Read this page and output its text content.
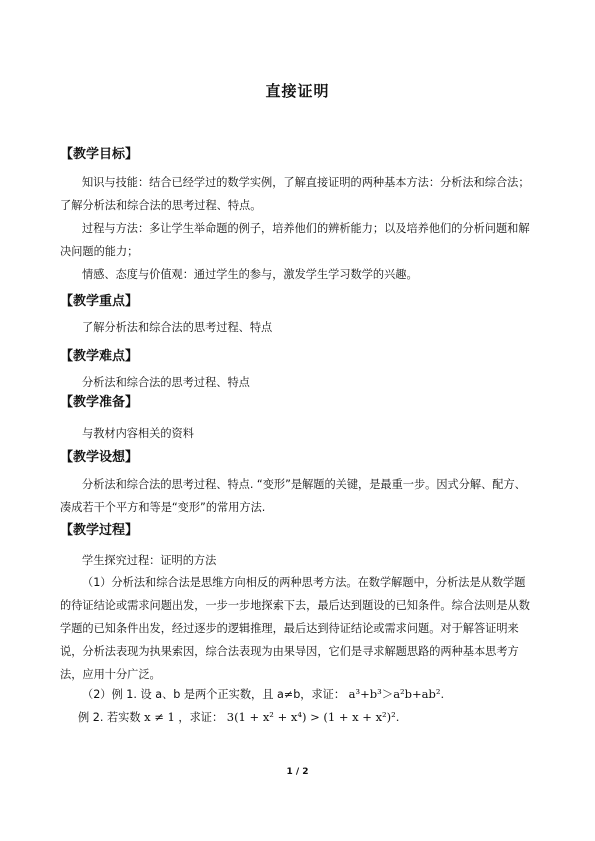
直接证明
【教学目标】

知识与技能：结合已经学过的数学实例，了解直接证明的两种基本方法：分析法和综合法；了解分析法和综合法的思考过程、特点。

过程与方法：多让学生举命题的例子，培养他们的辨析能力；以及培养他们的分析问题和解决问题的能力；

情感、态度与价值观：通过学生的参与，激发学生学习数学的兴趣。

【教学重点】
了解分析法和综合法的思考过程、特点
【教学难点】
分析法和综合法的思考过程、特点
【教学准备】
与教材内容相关的资料
【教学设想】

分析法和综合法的思考过程、特点. “变形”是解题的关键，是最重一步。因式分解、配方、凑成若干个平方和等是“变形”的常用方法.

【教学过程】
学生探究过程：证明的方法

（1）分析法和综合法是思维方向相反的两种思考方法。在数学解题中，分析法是从数学题的待证结论或需求问题出发，一步一步地探索下去，最后达到题设的已知条件。综合法则是从数学题的已知条件出发，经过逐步的逻辑推理，最后达到待证结论或需求问题。对于解答证明来说，分析法表现为执果索因，综合法表现为由果导因，它们是寻求解题思路的两种基本思考方法，应用十分广泛。

（2）例 1. 设 a、b 是两个正实数，且 a≠b，求证： a³+b³＞a²b+ab².
例 2. 若实数 x ≠ 1 ，求证： 3(1 + x² + x⁴) > (1 + x + x²)².
1 / 2
